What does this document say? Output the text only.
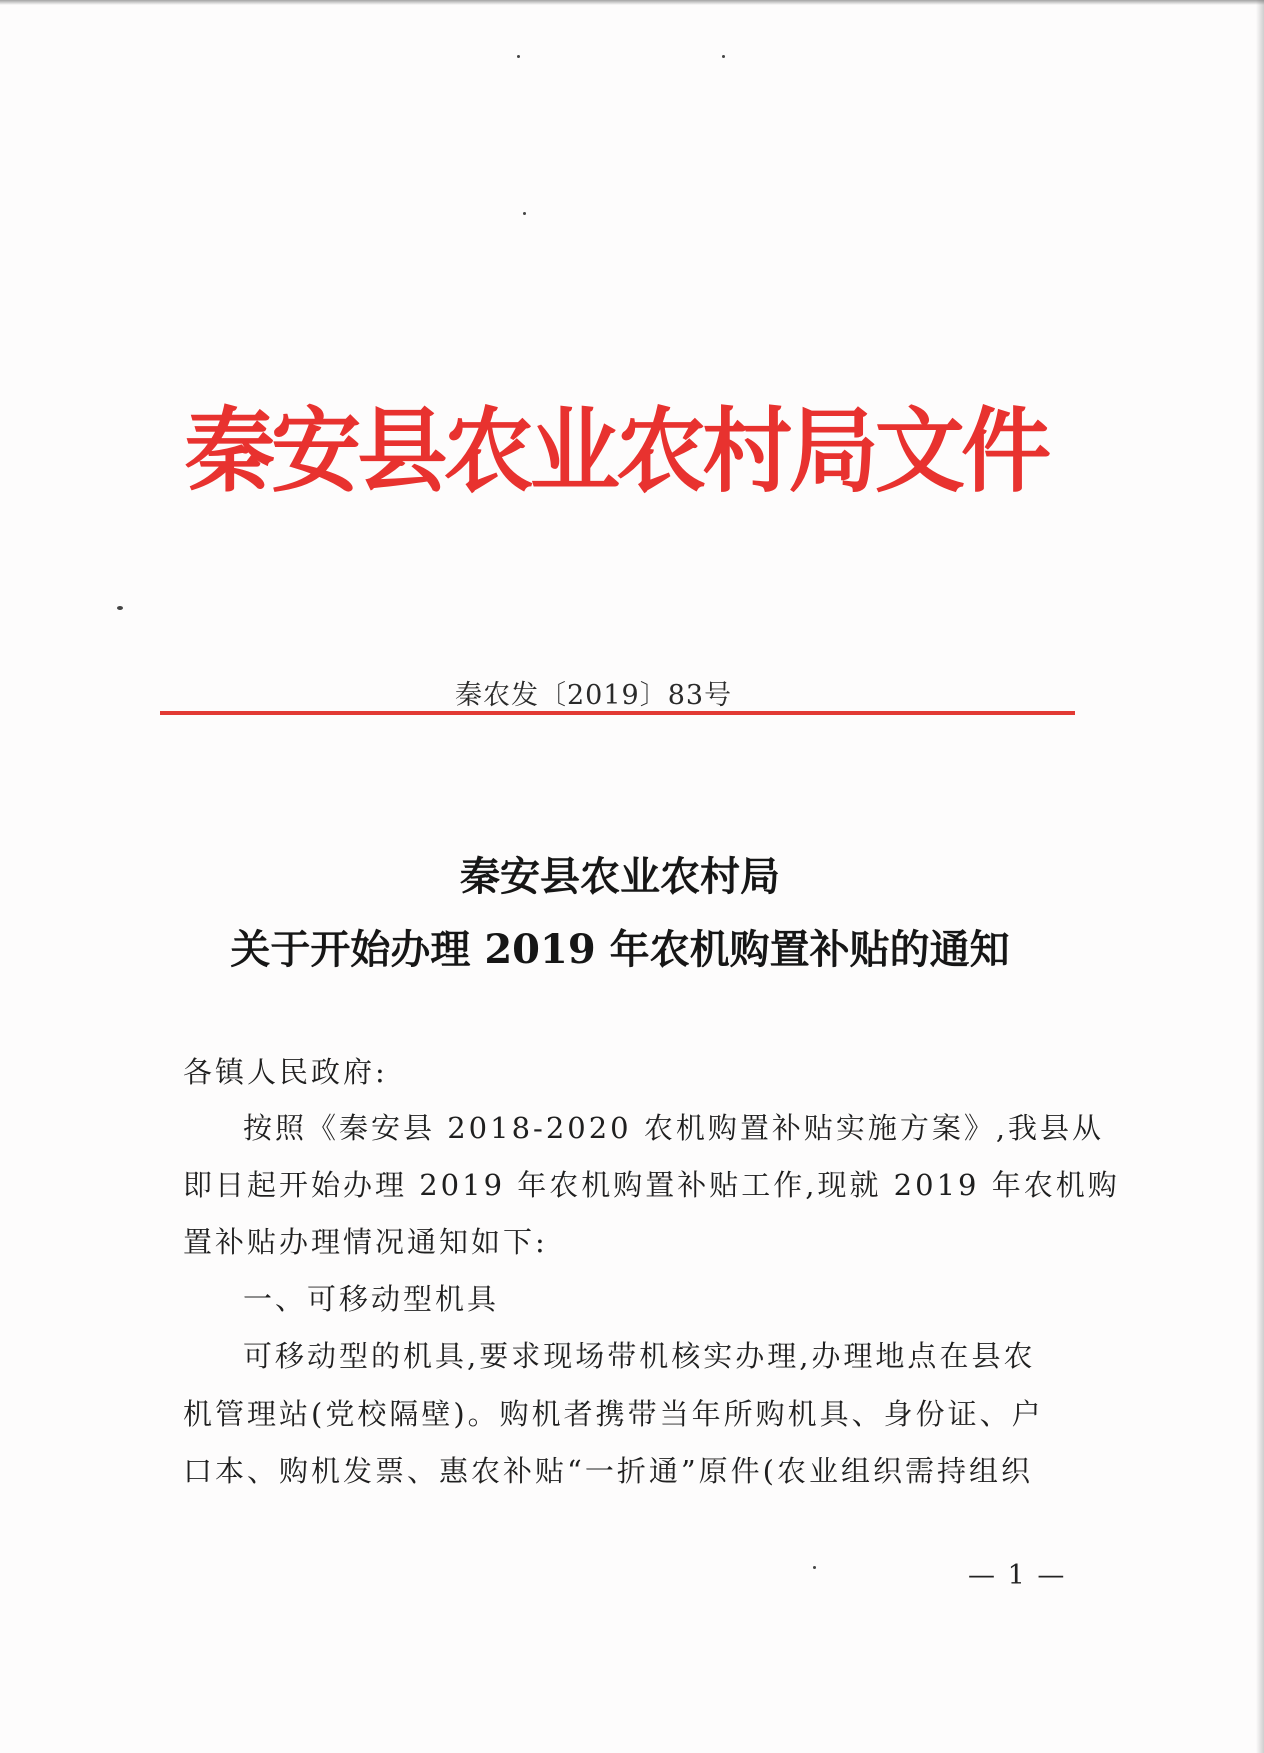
秦安县农业农村局文件
秦农发〔2019〕83号
秦安县农业农村局
关于开始办理 2019 年农机购置补贴的通知
各镇人民政府:
按照《秦安县 2018-2020 农机购置补贴实施方案》,我县从
即日起开始办理 2019 年农机购置补贴工作,现就 2019 年农机购
置补贴办理情况通知如下:
一、可移动型机具
可移动型的机具,要求现场带机核实办理,办理地点在县农
机管理站(党校隔壁)。购机者携带当年所购机具、身份证、户
口本、购机发票、惠农补贴“一折通”原件(农业组织需持组织
— 1 —
